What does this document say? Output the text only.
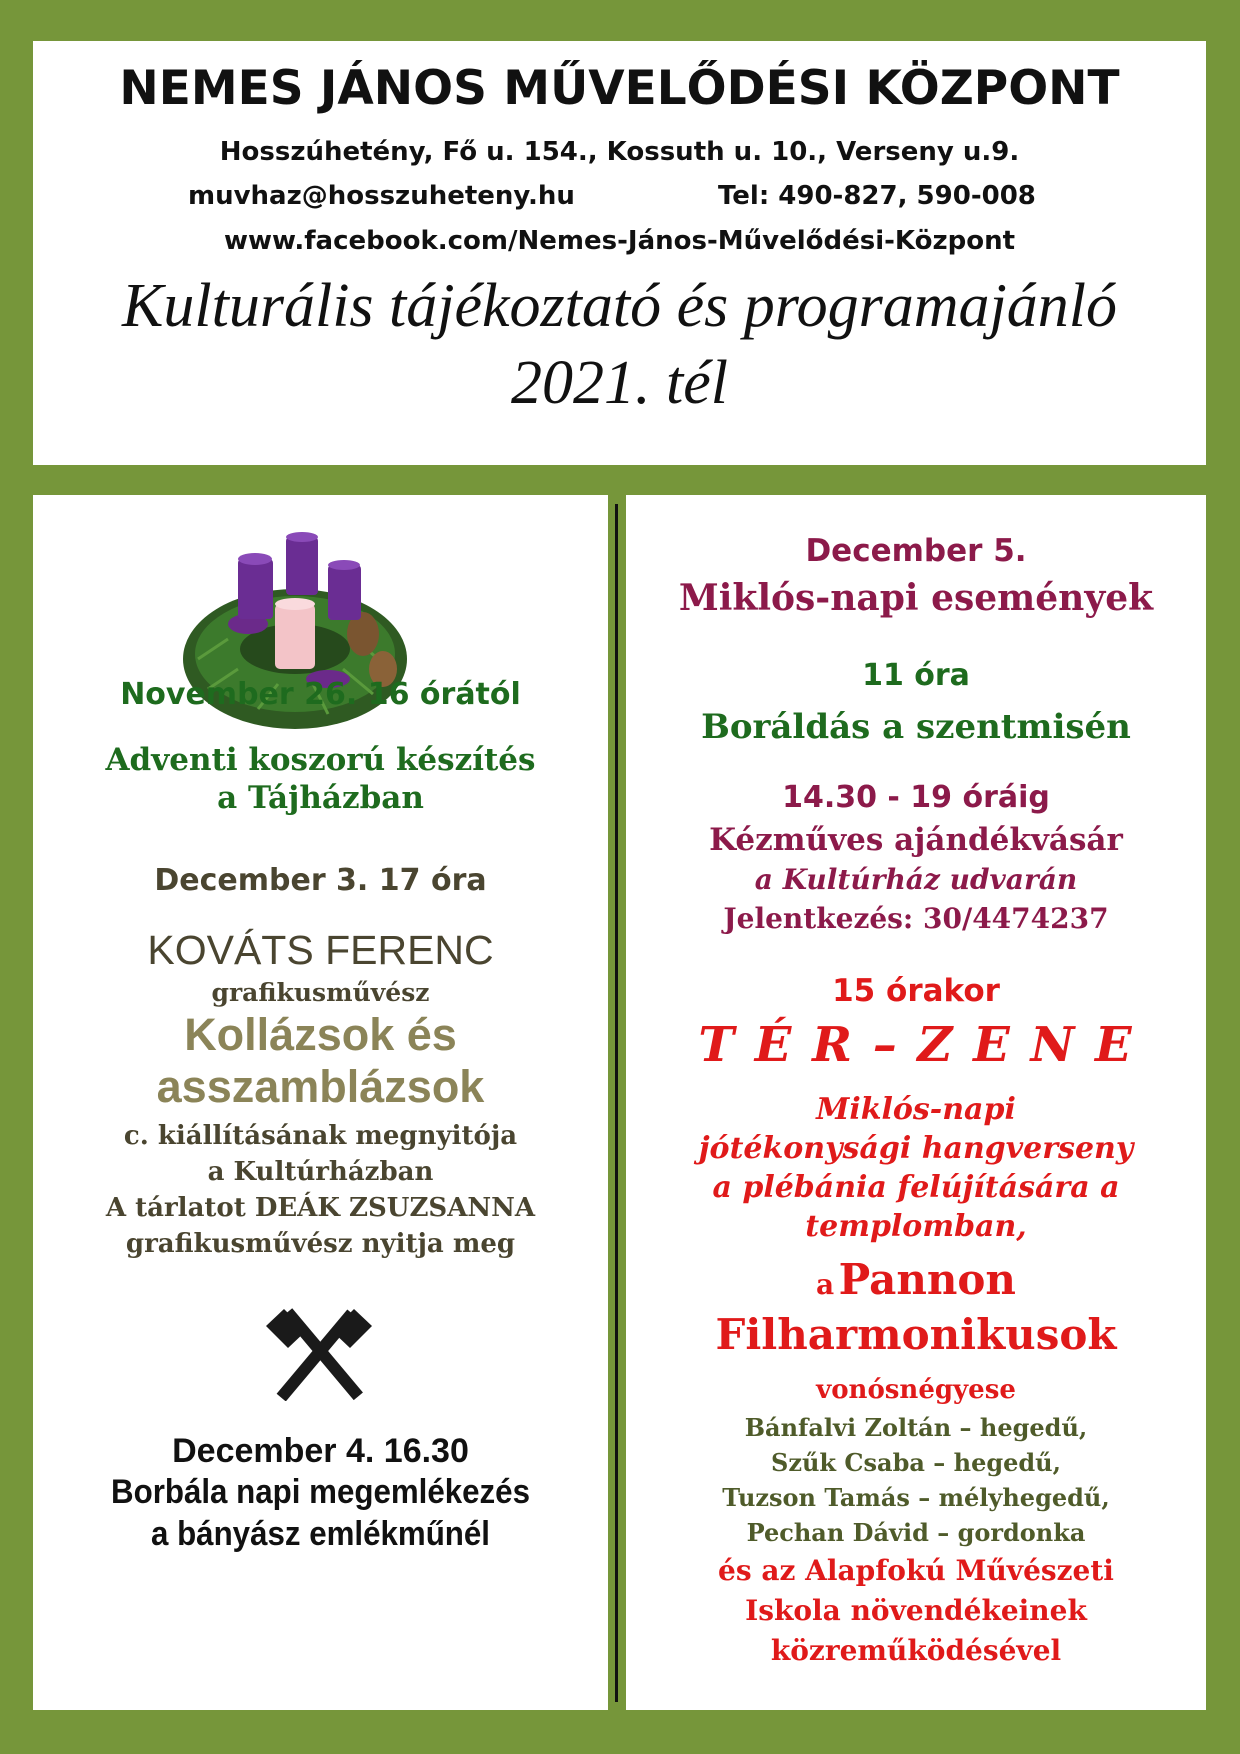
NEMES JÁNOS MŰVELŐDÉSI KÖZPONT
Hosszúhetény, Fő u. 154., Kossuth u. 10., Verseny u.9.
muvhaz@hosszuheteny.hu	Tel: 490-827, 590-008
www.facebook.com/Nemes-János-Művelődési-Központ
Kulturális tájékoztató és programajánló
2021. tél
November 26. 16 órától
Adventi koszorú készítés
a Tájházban
December 3. 17 óra
KOVÁTS FERENC
grafikusművész
Kollázsok és
asszamblázsok
c. kiállításának megnyitója
a Kultúrházban
A tárlatot DEÁK ZSUZSANNA
grafikusművész nyitja meg
December 4. 16.30
Borbála napi megemlékezés
a bányász emlékműnél
December 5.
Miklós-napi események
11 óra
Boráldás a szentmisén
14.30 - 19 óráig
Kézműves ajándékvásár
a Kultúrház udvarán
Jelentkezés: 30/4474237
15 órakor
T É R – Z E N E
Miklós-napi
jótékonysági hangverseny
a plébánia felújítására a
templomban,
a Pannon
Filharmonikusok
vonósnégyese
Bánfalvi Zoltán – hegedű,
Szűk Csaba – hegedű,
Tuzson Tamás – mélyhegedű,
Pechan Dávid – gordonka
és az Alapfokú Művészeti
Iskola növendékeinek
közreműködésével
